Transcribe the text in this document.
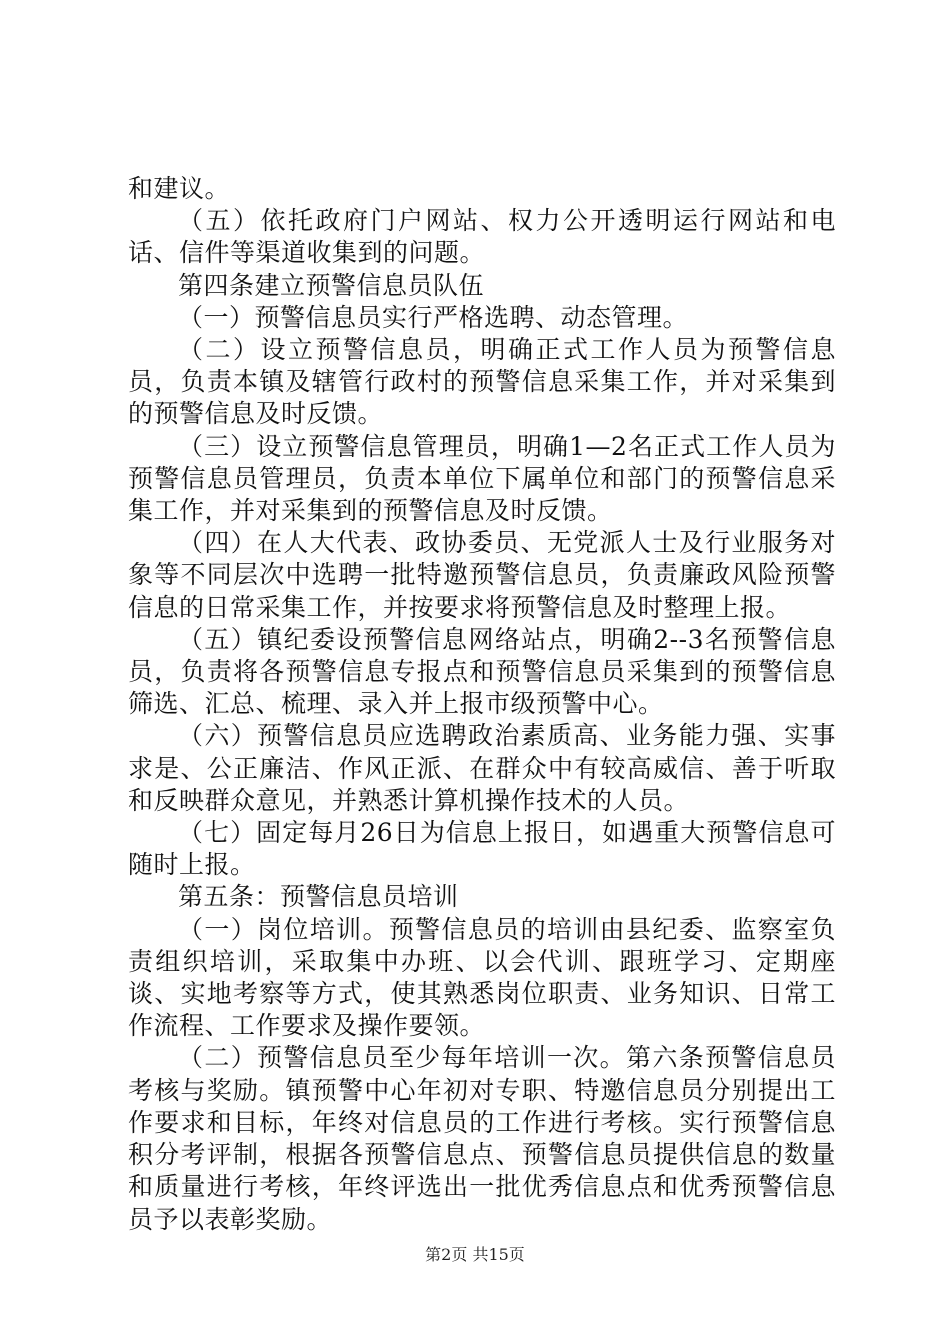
和建议。

（五）依托政府门户网站、权力公开透明运行网站和电话、信件等渠道收集到的问题。

第四条建立预警信息员队伍

（一）预警信息员实行严格选聘、动态管理。

（二）设立预警信息员，明确正式工作人员为预警信息员，负责本镇及辖管行政村的预警信息采集工作，并对采集到的预警信息及时反馈。

（三）设立预警信息管理员，明确1—2名正式工作人员为预警信息员管理员，负责本单位下属单位和部门的预警信息采集工作，并对采集到的预警信息及时反馈。

（四）在人大代表、政协委员、无党派人士及行业服务对象等不同层次中选聘一批特邀预警信息员，负责廉政风险预警信息的日常采集工作，并按要求将预警信息及时整理上报。

（五）镇纪委设预警信息网络站点，明确2--3名预警信息员，负责将各预警信息专报点和预警信息员采集到的预警信息筛选、汇总、梳理、录入并上报市级预警中心。

（六）预警信息员应选聘政治素质高、业务能力强、实事求是、公正廉洁、作风正派、在群众中有较高威信、善于听取和反映群众意见，并熟悉计算机操作技术的人员。

（七）固定每月26日为信息上报日，如遇重大预警信息可随时上报。

第五条：预警信息员培训

（一）岗位培训。预警信息员的培训由县纪委、监察室负责组织培训，采取集中办班、以会代训、跟班学习、定期座谈、实地考察等方式，使其熟悉岗位职责、业务知识、日常工作流程、工作要求及操作要领。

（二）预警信息员至少每年培训一次。第六条预警信息员考核与奖励。镇预警中心年初对专职、特邀信息员分别提出工作要求和目标，年终对信息员的工作进行考核。实行预警信息积分考评制，根据各预警信息点、预警信息员提供信息的数量和质量进行考核，年终评选出一批优秀信息点和优秀预警信息员予以表彰奖励。

第2页 共15页
